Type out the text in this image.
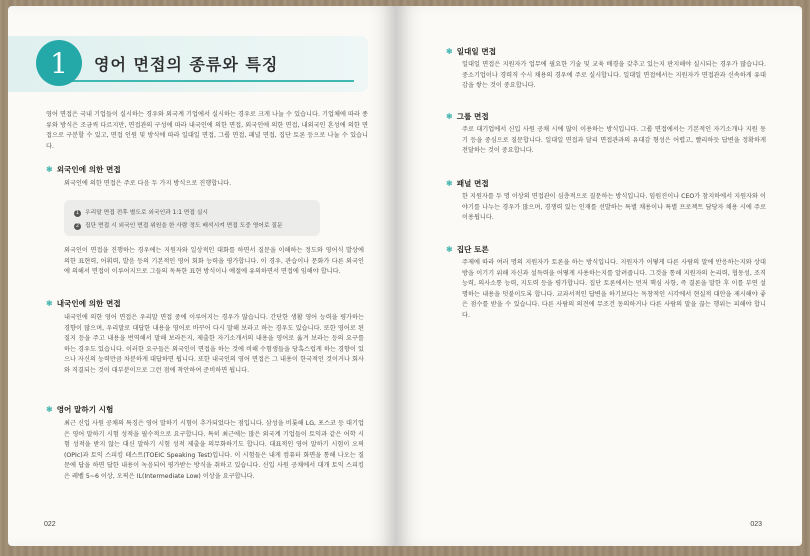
1	영어 면접의 종류와 특징
영어 면접은 국내 기업들이 실시하는 경우와 외국계 기업에서 실시하는 경우로 크게 나눌 수 있습니다. 기업체에 따라 종류와 방식은 조금씩 다르지만, 면접관의 구성에 따라 내국인에 의한 면접, 외국인에 의한 면접, 내외국인 혼성에 의한 면접으로 구분할 수 있고, 면접 인원 및 방식에 따라 일대일 면접, 그룹 면접, 패널 면접, 집단 토론 등으로 나눌 수 있습니다.
❃ 외국인에 의한 면접
외국인에 의한 면접은 주로 다음 두 가지 방식으로 진행합니다.
1 우리말 면접 전후 별도로 외국인과 1:1 면접 실시
2 집단 면접 시 외국인 면접 위원을 한 사람 정도 배석시켜 면접 도중 영어로 질문
외국인이 면접을 진행하는 경우에는 지원자와 일상적인 대화를 하면서 질문을 이해하는 정도와 영어식 발상에 의한 표현력, 어휘력, 발음 등의 기본적인 영어 회화 능력을 평가합니다. 이 경우, 관습이나 문화가 다른 외국인에 의해서 면접이 이루어지므로 그들의 독특한 표현 방식이나 예절에 유의하면서 면접에 임해야 합니다.
❃ 내국인에 의한 면접
내국인에 의한 영어 면접은 우리말 면접 중에 이루어지는 경우가 많습니다. 간단한 생활 영어 능력을 평가하는 경향이 많으며, 우리말로 대답한 내용을 영어로 바꾸어 다시 말해 보라고 하는 경우도 있습니다. 또한 영어로 된 질지 등을 주고 내용을 번역해서 말해 보라든지, 제출한 자기소개서의 내용을 영어로 옮겨 보라는 등의 요구를 하는 경우도 있습니다. 이러한 요구들은 외국인이 면접을 하는 것에 비해 수험생들을 당혹스럽게 하는 경향이 있으나 자신의 능력만큼 차분하게 대답하면 됩니다. 또한 내국인의 영어 면접은 그 내용이 한국적인 것이거나 회사와 직결되는 것이 대부분이므로 그런 점에 착안하여 준비하면 됩니다.
❃ 영어 말하기 시험
최근 신입 사원 공채의 특징은 영어 말하기 시험이 추가되었다는 점입니다. 삼성을 비롯해 LG, 포스코 등 대기업은 영어 말하기 시험 성적을 필수적으로 요구합니다. 특히 최근에는 많은 외국계 기업들이 토익과 같은 어학 시험 성적을 받지 않는 대신 말하기 시험 성적 제출을 의무화하기도 합니다. 대표적인 영어 말하기 시험이 오픽(OPIc)과 토익 스피킹 테스트(TOEIC Speaking Test)입니다. 이 시험들은 내게 컴퓨터 화면을 통해 나오는 질문에 답을 하면 답한 내용이 녹음되어 평가받는 방식을 취하고 있습니다. 신입 사원 공채에서 대개 토익 스피킹은 레벨 5~6 이상, 오픽은 IL(Intermediate Low) 이상을 요구합니다.
022
❃ 일대일 면접
일대일 면접은 지원자가 업무에 필요한 기술 및 교육 배경을 갖추고 있는지 판지해야 실시되는 경우가 많습니다. 중소기업이나 경력직 수시 채용의 경우에 주로 실시합니다. 일대일 면접에서는 지원자가 면접관과 신속하게 유대감을 쌓는 것이 중요합니다.
❃ 그룹 면접
주로 대기업에서 신입 사원 공채 시에 많이 이용하는 방식입니다. 그룹 면접에서는 기본적인 자기소개나 지원 동기 등을 중심으로 질문합니다. 일대일 면접과 달리 면접관과의 유대감 형성은 어렵고, 빨리하듯 답변을 정확하게 전달하는 것이 중요합니다.
❃ 패널 면접
한 지원자를 두 명 이상의 면접관이 심층적으로 질문하는 방식입니다. 임원진이나 CEO가 참지하에서 지원자와 이야기를 나누는 경우가 많으며, 경쟁력 있는 인재를 선발하는 특별 채용이나 특별 프로젝트 담당자 채용 시에 주로 이용됩니다.
❃ 집단 토론
주제에 따라 여러 명의 지원자가 토론을 하는 방식입니다. 지원자가 어떻게 다른 사람의 말에 반응하는지와 상대방을 이기기 위해 자신과 설득력을 어떻게 사용하는지를 알려줍니다. 그것을 통해 지원자의 논리력, 협동성, 조직 능력, 의사소통 능력, 지도력 등을 평가합니다. 집단 토론에서는 먼저 핵심 사항, 즉 결론을 말한 후 이를 부연 설명하는 내용을 덧붙이도록 합니다. 교과서적인 답변을 하기보다는 독창적인 시각에서 현실적 대안을 제시해야 좋은 점수를 받을 수 있습니다. 다른 사람의 의견에 무조건 동의하거나 다른 사람의 말을 끊는 행위는 피해야 합니다.
023
